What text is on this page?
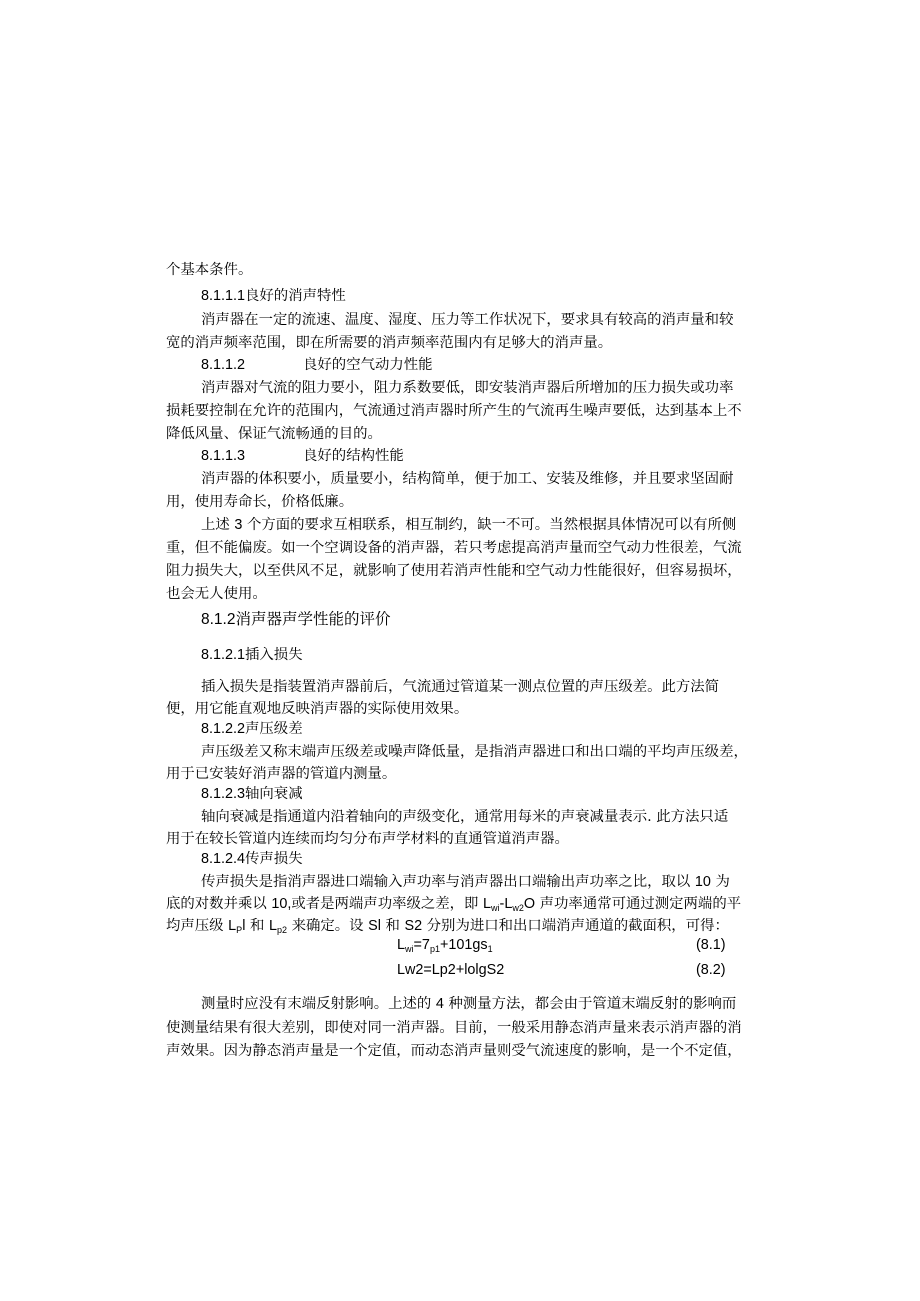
个基本条件。
8.1.1.1良好的消声特性
消声器在一定的流速、温度、湿度、压力等工作状况下，要求具有较高的消声量和较
宽的消声频率范围，即在所需要的消声频率范围内有足够大的消声量。
8.1.1.2	良好的空气动力性能
消声器对气流的阻力要小，阻力系数要低，即安装消声器后所增加的压力损失或功率
损耗要控制在允许的范围内，气流通过消声器时所产生的气流再生噪声要低，达到基本上不
降低风量、保证气流畅通的目的。
8.1.1.3	良好的结构性能
消声器的体积要小，质量要小，结构简单，便于加工、安装及维修，并且要求坚固耐
用，使用寿命长，价格低廉。
上述 3 个方面的要求互相联系，相互制约，缺一不可。当然根据具体情况可以有所侧
重，但不能偏废。如一个空调设备的消声器，若只考虑提高消声量而空气动力性很差，气流
阻力损失大，以至供风不足，就影响了使用若消声性能和空气动力性能很好，但容易损坏，
也会无人使用。
8.1.2消声器声学性能的评价
8.1.2.1插入损失
插入损失是指装置消声器前后，气流通过管道某一测点位置的声压级差。此方法简
便，用它能直观地反映消声器的实际使用效果。
8.1.2.2声压级差
声压级差又称末端声压级差或噪声降低量，是指消声器进口和出口端的平均声压级差，
用于已安装好消声器的管道内测量。
8.1.2.3轴向衰减
轴向衰减是指通道内沿着轴向的声级变化，通常用每米的声衰减量表示. 此方法只适
用于在较长管道内连续而均匀分布声学材料的直通管道消声器。
8.1.2.4传声损失
传声损失是指消声器进口端输入声功率与消声器出口端输出声功率之比，取以 10 为
底的对数并乘以 10,或者是两端声功率级之差，即 $L_{wi}-L_{w2}O$ 声功率通常可通过测定两端的平
均声压级 $L_Pl$ 和 $L_{p2}$ 来确定。设 Sl 和 S2 分别为进口和出口端消声通道的截面积，可得：
$L_{wi}=7_{p1}+101gs_1$	(8.1)
Lw2=Lp2+lolgS2	(8.2)
测量时应没有末端反射影响。上述的 4 种测量方法，都会由于管道末端反射的影响而
使测量结果有很大差别，即使对同一消声器。目前，一般采用静态消声量来表示消声器的消
声效果。因为静态消声量是一个定值，而动态消声量则受气流速度的影响，是一个不定值，
